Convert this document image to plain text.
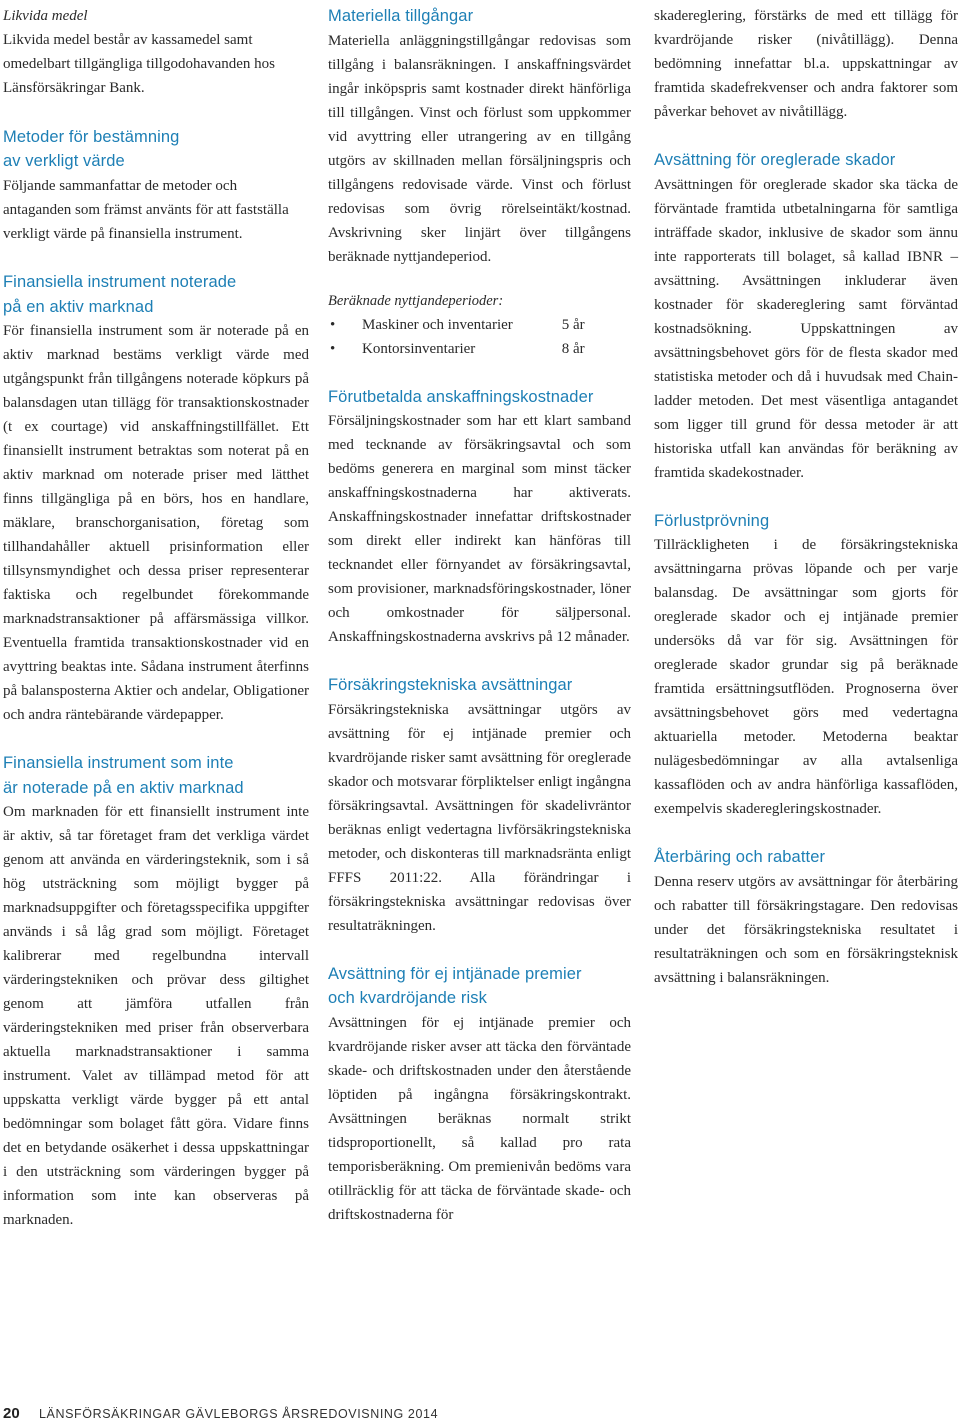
Likvida medel

Likvida medel består av kassamedel samt omedelbart tillgängliga tillgodohavanden hos Länsförsäkringar Bank.

Metoder för bestämning
av verkligt värde

Följande sammanfattar de metoder och antaganden som främst använts för att fastställa verkligt värde på finansiella instrument.

Finansiella instrument noterade
på en aktiv marknad

För finansiella instrument som är noterade på en aktiv marknad bestäms verkligt värde med utgångspunkt från tillgångens noterade köpkurs på balansdagen utan tillägg för transaktionskostnader (t ex courtage) vid anskaffningstillfället. Ett finansiellt instrument betraktas som noterat på en aktiv marknad om noterade priser med lätthet finns tillgängliga på en börs, hos en handlare, mäklare, branschorganisation, företag som tillhandahåller aktuell prisinformation eller tillsynsmyndighet och dessa priser representerar faktiska och regelbundet förekommande marknadstransaktioner på affärsmässiga villkor. Eventuella framtida transaktionskostnader vid en avyttring beaktas inte. Sådana instrument återfinns på balansposterna Aktier och andelar, Obligationer och andra räntebärande värdepapper.

Finansiella instrument som inte
är noterade på en aktiv marknad

Om marknaden för ett finansiellt instrument inte är aktiv, så tar företaget fram det verkliga värdet genom att använda en värderingsteknik, som i så hög utsträckning som möjligt bygger på marknadsuppgifter och företagsspecifika uppgifter används i så låg grad som möjligt. Företaget kalibrerar med regelbundna intervall värderingstekniken och prövar dess giltighet genom att jämföra utfallen från värderingstekniken med priser från observerbara aktuella marknadstransaktioner i samma instrument. Valet av tillämpad metod för att uppskatta verkligt värde bygger på ett antal bedömningar som bolaget fått göra. Vidare finns det en betydande osäkerhet i dessa uppskattningar i den utsträckning som värderingen bygger på information som inte kan observeras på marknaden.

Materiella tillgångar

Materiella anläggningstillgångar redovisas som tillgång i balansräkningen. I anskaffningsvärdet ingår inköpspris samt kostnader direkt hänförliga till tillgången. Vinst och förlust som uppkommer vid avyttring eller utrangering av en tillgång utgörs av skillnaden mellan försäljningspris och tillgångens redovisade värde. Vinst och förlust redovisas som övrig rörelseintäkt/kostnad. Avskrivning sker linjärt över tillgångens beräknade nyttjandeperiod.

Beräknade nyttjandeperioder:
• Maskiner och inventarier	5 år
• Kontorsinventarier	8 år
Förutbetalda anskaffningskostnader

Försäljningskostnader som har ett klart samband med tecknande av försäkringsavtal och som bedöms generera en marginal som minst täcker anskaffningskostnaderna har aktiverats. Anskaffningskostnader innefattar driftskostnader som direkt eller indirekt kan hänföras till tecknandet eller förnyandet av försäkringsavtal, som provisioner, marknadsföringskostnader, löner och omkostnader för säljpersonal. Anskaffningskostnaderna avskrivs på 12 månader.

Försäkringstekniska avsättningar

Försäkringstekniska avsättningar utgörs av avsättning för ej intjänade premier och kvardröjande risker samt avsättning för oreglerade skador och motsvarar förpliktelser enligt ingångna försäkringsavtal. Avsättningen för skadelivräntor beräknas enligt vedertagna livförsäkringstekniska metoder, och diskonteras till marknadsränta enligt FFFS 2011:22. Alla förändringar i försäkringstekniska avsättningar redovisas över resultaträkningen.

Avsättning för ej intjänade premier
och kvardröjande risk

Avsättningen för ej intjänade premier och kvardröjande risker avser att täcka den förväntade skade- och driftskostnaden under den återstående löptiden på ingångna försäkringskontrakt. Avsättningen beräknas normalt strikt tidsproportionellt, så kallad pro rata temporisberäkning. Om premienivån bedöms vara otillräcklig för att täcka de förväntade skade- och driftskostnaderna för

skadereglering, förstärks de med ett tillägg för kvardröjande risker (nivåtillägg). Denna bedömning innefattar bl.a. uppskattningar av framtida skadefrekvenser och andra faktorer som påverkar behovet av nivåtillägg.

Avsättning för oreglerade skador

Avsättningen för oreglerade skador ska täcka de förväntade framtida utbetalningarna för samtliga inträffade skador, inklusive de skador som ännu inte rapporterats till bolaget, så kallad IBNR – avsättning. Avsättningen inkluderar även kostnader för skadereglering samt förväntad kostnadsökning. Uppskattningen av avsättningsbehovet görs för de flesta skador med statistiska metoder och då i huvudsak med Chain-ladder metoden. Det mest väsentliga antagandet som ligger till grund för dessa metoder är att historiska utfall kan användas för beräkning av framtida skadekostnader.

Förlustprövning

Tillräckligheten i de försäkringstekniska avsättningarna prövas löpande och per varje balansdag. De avsättningar som gjorts för oreglerade skador och ej intjänade premier undersöks då var för sig. Avsättningen för oreglerade skador grundar sig på beräknade framtida ersättningsutflöden. Prognoserna över avsättningsbehovet görs med vedertagna aktuariella metoder. Metoderna beaktar nulägesbedömningar av alla avtalsenliga kassaflöden och av andra hänförliga kassaflöden, exempelvis skaderegleringskostnader.

Återbäring och rabatter

Denna reserv utgörs av avsättningar för återbäring och rabatter till försäkringstagare. Den redovisas under det försäkringstekniska resultatet i resultaträkningen och som en försäkringsteknisk avsättning i balansräkningen.

20 LÄNSFÖRSÄKRINGAR GÄVLEBORGS ÅRSREDOVISNING 2014
